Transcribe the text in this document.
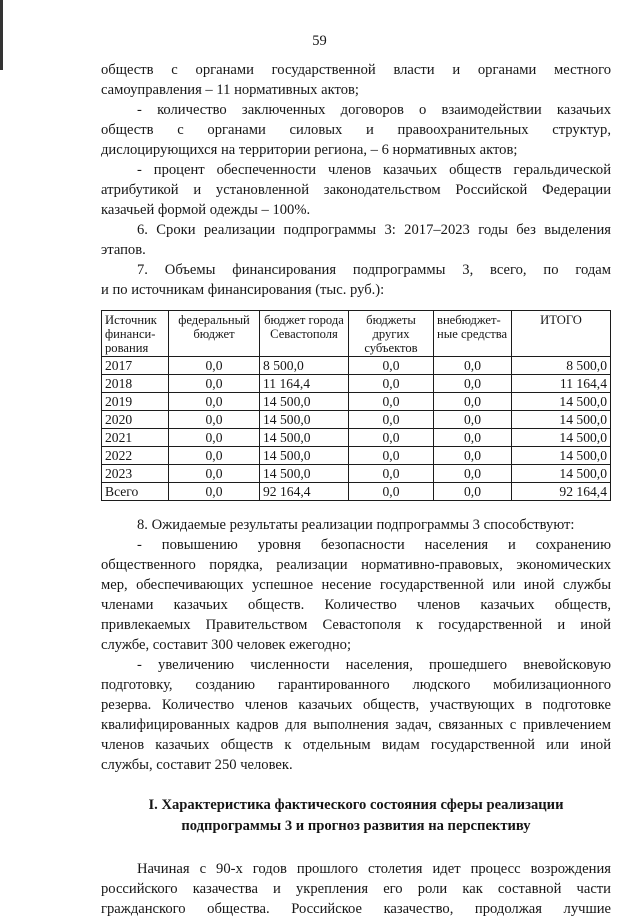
59
обществ с органами государственной власти и органами местного
самоуправления – 11 нормативных актов;
- количество заключенных договоров о взаимодействии казачьих
обществ с органами силовых и правоохранительных структур,
дислоцирующихся на территории региона, – 6 нормативных актов;
- процент обеспеченности членов казачьих обществ геральдической
атрибутикой и установленной законодательством Российской Федерации
казачьей формой одежды – 100%.
6. Сроки реализации подпрограммы 3: 2017–2023 годы без выделения
этапов.
7. Объемы финансирования подпрограммы 3, всего, по годам
и по источникам финансирования (тыс. руб.):
Источник финанси-рования	федеральный бюджет	бюджет города Севастополя	бюджеты других субъектов	внебюджет-ные средства	ИТОГО
2017	0,0	8 500,0	0,0	0,0	8 500,0
2018	0,0	11 164,4	0,0	0,0	11 164,4
2019	0,0	14 500,0	0,0	0,0	14 500,0
2020	0,0	14 500,0	0,0	0,0	14 500,0
2021	0,0	14 500,0	0,0	0,0	14 500,0
2022	0,0	14 500,0	0,0	0,0	14 500,0
2023	0,0	14 500,0	0,0	0,0	14 500,0
Всего	0,0	92 164,4	0,0	0,0	92 164,4
8. Ожидаемые результаты реализации подпрограммы 3 способствуют:
- повышению уровня безопасности населения и сохранению
общественного порядка, реализации нормативно-правовых, экономических
мер, обеспечивающих успешное несение государственной или иной службы
членами казачьих обществ. Количество членов казачьих обществ,
привлекаемых Правительством Севастополя к государственной и иной
службе, составит 300 человек ежегодно;
- увеличению численности населения, прошедшего вневойсковую
подготовку, созданию гарантированного людского мобилизационного
резерва. Количество членов казачьих обществ, участвующих в подготовке
квалифицированных кадров для выполнения задач, связанных с привлечением
членов казачьих обществ к отдельным видам государственной или иной
службы, составит 250 человек.
I. Характеристика фактического состояния сферы реализации
подпрограммы 3 и прогноз развития на перспективу
Начиная с 90-х годов прошлого столетия идет процесс возрождения
российского казачества и укрепления его роли как составной части
гражданского общества. Российское казачество, продолжая лучшие
